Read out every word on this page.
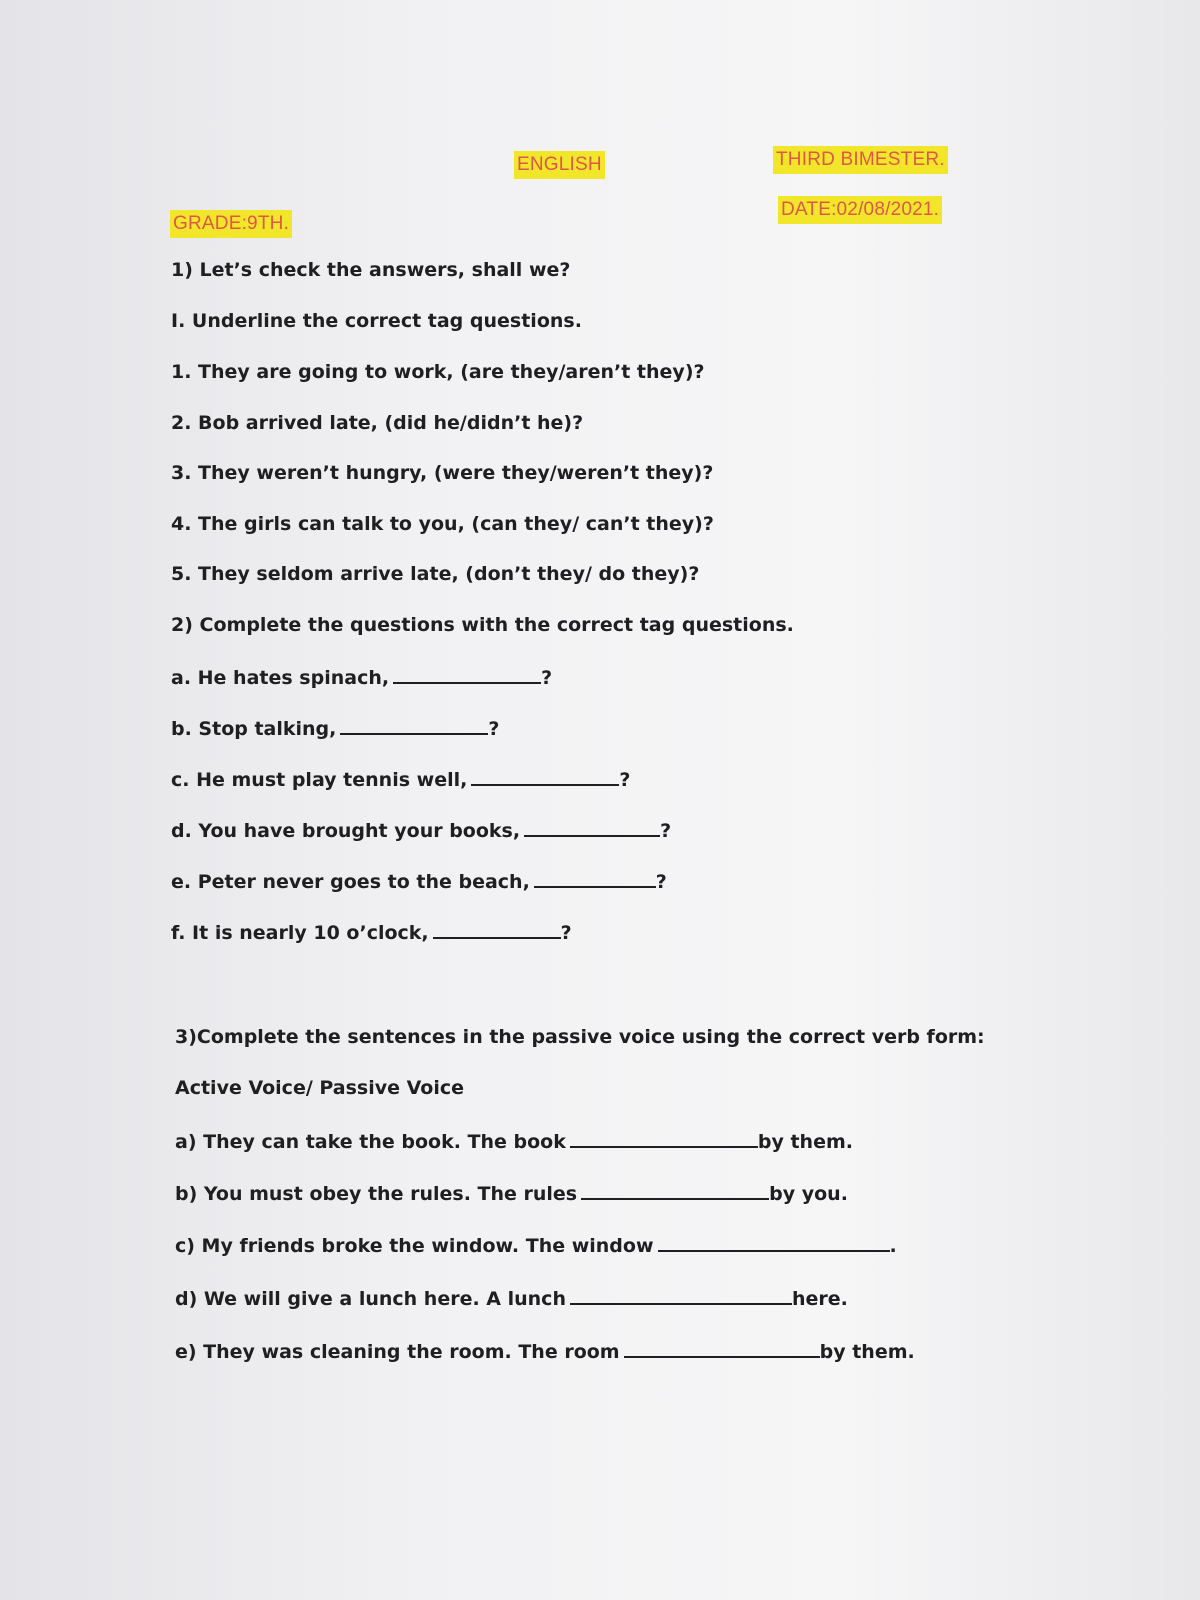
ENGLISH	THIRD BIMESTER.
DATE:02/08/2021.
GRADE:9TH.
1) Let’s check the answers, shall we?
I. Underline the correct tag questions.
1. They are going to work, (are they/aren’t they)?
2. Bob arrived late, (did he/didn’t he)?
3. They weren’t hungry, (were they/weren’t they)?
4. The girls can talk to you, (can they/ can’t they)?
5. They seldom arrive late, (don’t they/ do they)?
2) Complete the questions with the correct tag questions.
a. He hates spinach,	?
b. Stop talking,	?
c. He must play tennis well,	?
d. You have brought your books,	?
e. Peter never goes to the beach,	?
f. It is nearly 10 o’clock,	?
3)Complete the sentences in the passive voice using the correct verb form:
Active Voice/ Passive Voice
a) They can take the book. The book	by them.
b) You must obey the rules. The rules	by you.
c) My friends broke the window. The window	.
d) We will give a lunch here. A lunch	here.
e) They was cleaning the room. The room	by them.
